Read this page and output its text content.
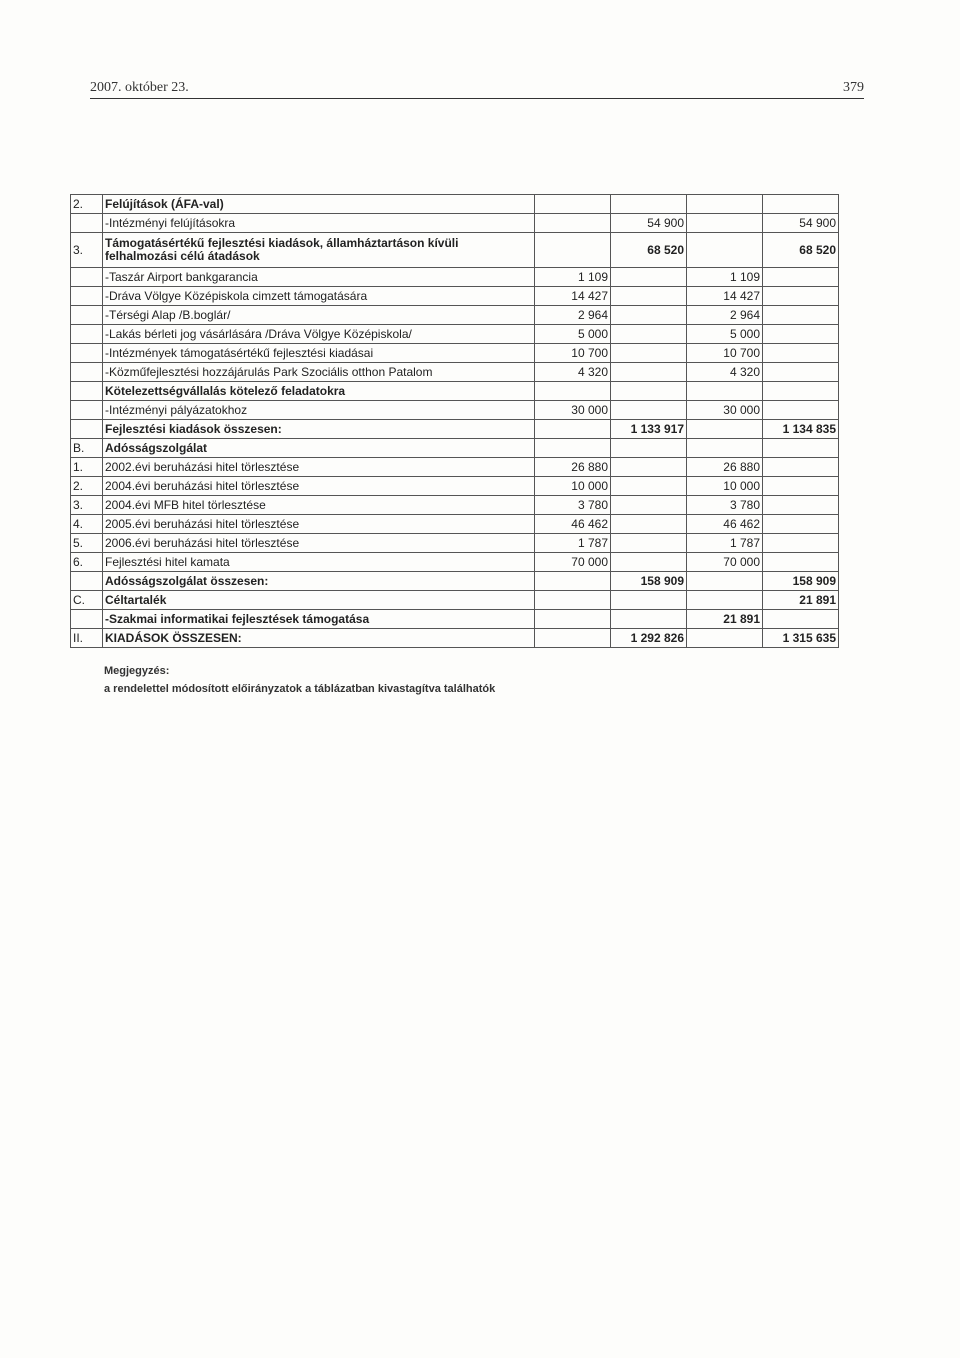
2007. október 23.	379
2.	Felújítások (ÁFA-val)				
	-Intézményi felújításokra		54 900		54 900
3.	Támogatásértékű fejlesztési kiadások, államháztartáson kívüli felhalmozási célú átadások		68 520		68 520
	-Taszár Airport bankgarancia	1 109		1 109	
	-Dráva Völgye Középiskola cimzett támogatására	14 427		14 427	
	-Térségi Alap /B.boglár/	2 964		2 964	
	-Lakás bérleti jog vásárlására /Dráva Völgye Középiskola/	5 000		5 000	
	-Intézmények támogatásértékű fejlesztési kiadásai	10 700		10 700	
	-Közműfejlesztési hozzájárulás Park Szociális otthon Patalom	4 320		4 320	
	Kötelezettségvállalás kötelező feladatokra				
	-Intézményi pályázatokhoz	30 000		30 000	
	Fejlesztési kiadások összesen:		1 133 917		1 134 835
B.	Adósságszolgálat				
1.	2002.évi beruházási hitel törlesztése	26 880		26 880	
2.	2004.évi beruházási hitel törlesztése	10 000		10 000	
3.	2004.évi MFB hitel törlesztése	3 780		3 780	
4.	2005.évi beruházási hitel törlesztése	46 462		46 462	
5.	2006.évi beruházási hitel törlesztése	1 787		1 787	
6.	Fejlesztési hitel kamata	70 000		70 000	
	Adósságszolgálat összesen:		158 909		158 909
C.	Céltartalék				21 891
	-Szakmai informatikai fejlesztések támogatása			21 891	
II.	KIADÁSOK ÖSSZESEN:		1 292 826		1 315 635
Megjegyzés:
a rendelettel módosított előirányzatok a táblázatban kivastagítva találhatók
